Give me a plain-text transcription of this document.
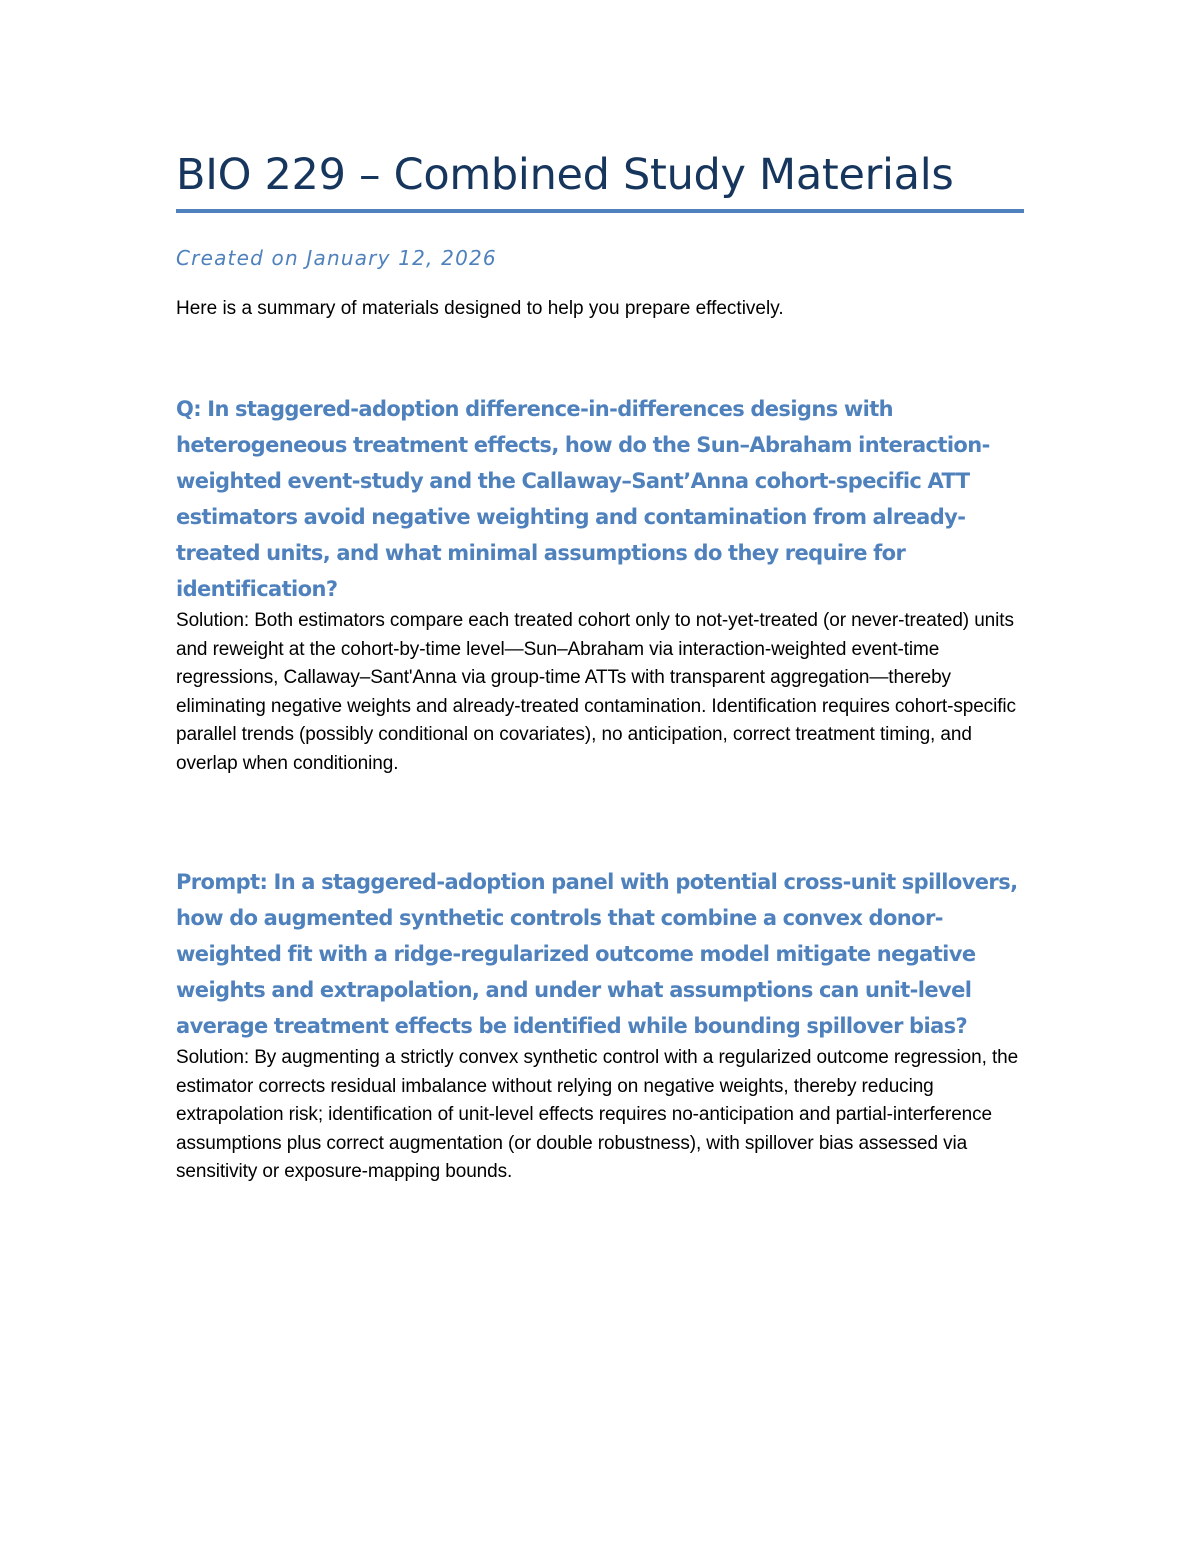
BIO 229 – Combined Study Materials

Created on January 12, 2026

Here is a summary of materials designed to help you prepare effectively.

Q: In staggered-adoption difference-in-differences designs with heterogeneous treatment effects, how do the Sun–Abraham interaction-weighted event-study and the Callaway–Sant’Anna cohort-specific ATT estimators avoid negative weighting and contamination from already-treated units, and what minimal assumptions do they require for identification?

Solution: Both estimators compare each treated cohort only to not-yet-treated (or never-treated) units and reweight at the cohort-by-time level—Sun–Abraham via interaction-weighted event-time regressions, Callaway–Sant'Anna via group-time ATTs with transparent aggregation—thereby eliminating negative weights and already-treated contamination. Identification requires cohort-specific parallel trends (possibly conditional on covariates), no anticipation, correct treatment timing, and overlap when conditioning.

Prompt: In a staggered-adoption panel with potential cross-unit spillovers, how do augmented synthetic controls that combine a convex donor-weighted fit with a ridge-regularized outcome model mitigate negative weights and extrapolation, and under what assumptions can unit-level average treatment effects be identified while bounding spillover bias?

Solution: By augmenting a strictly convex synthetic control with a regularized outcome regression, the estimator corrects residual imbalance without relying on negative weights, thereby reducing extrapolation risk; identification of unit-level effects requires no-anticipation and partial-interference assumptions plus correct augmentation (or double robustness), with spillover bias assessed via sensitivity or exposure-mapping bounds.
